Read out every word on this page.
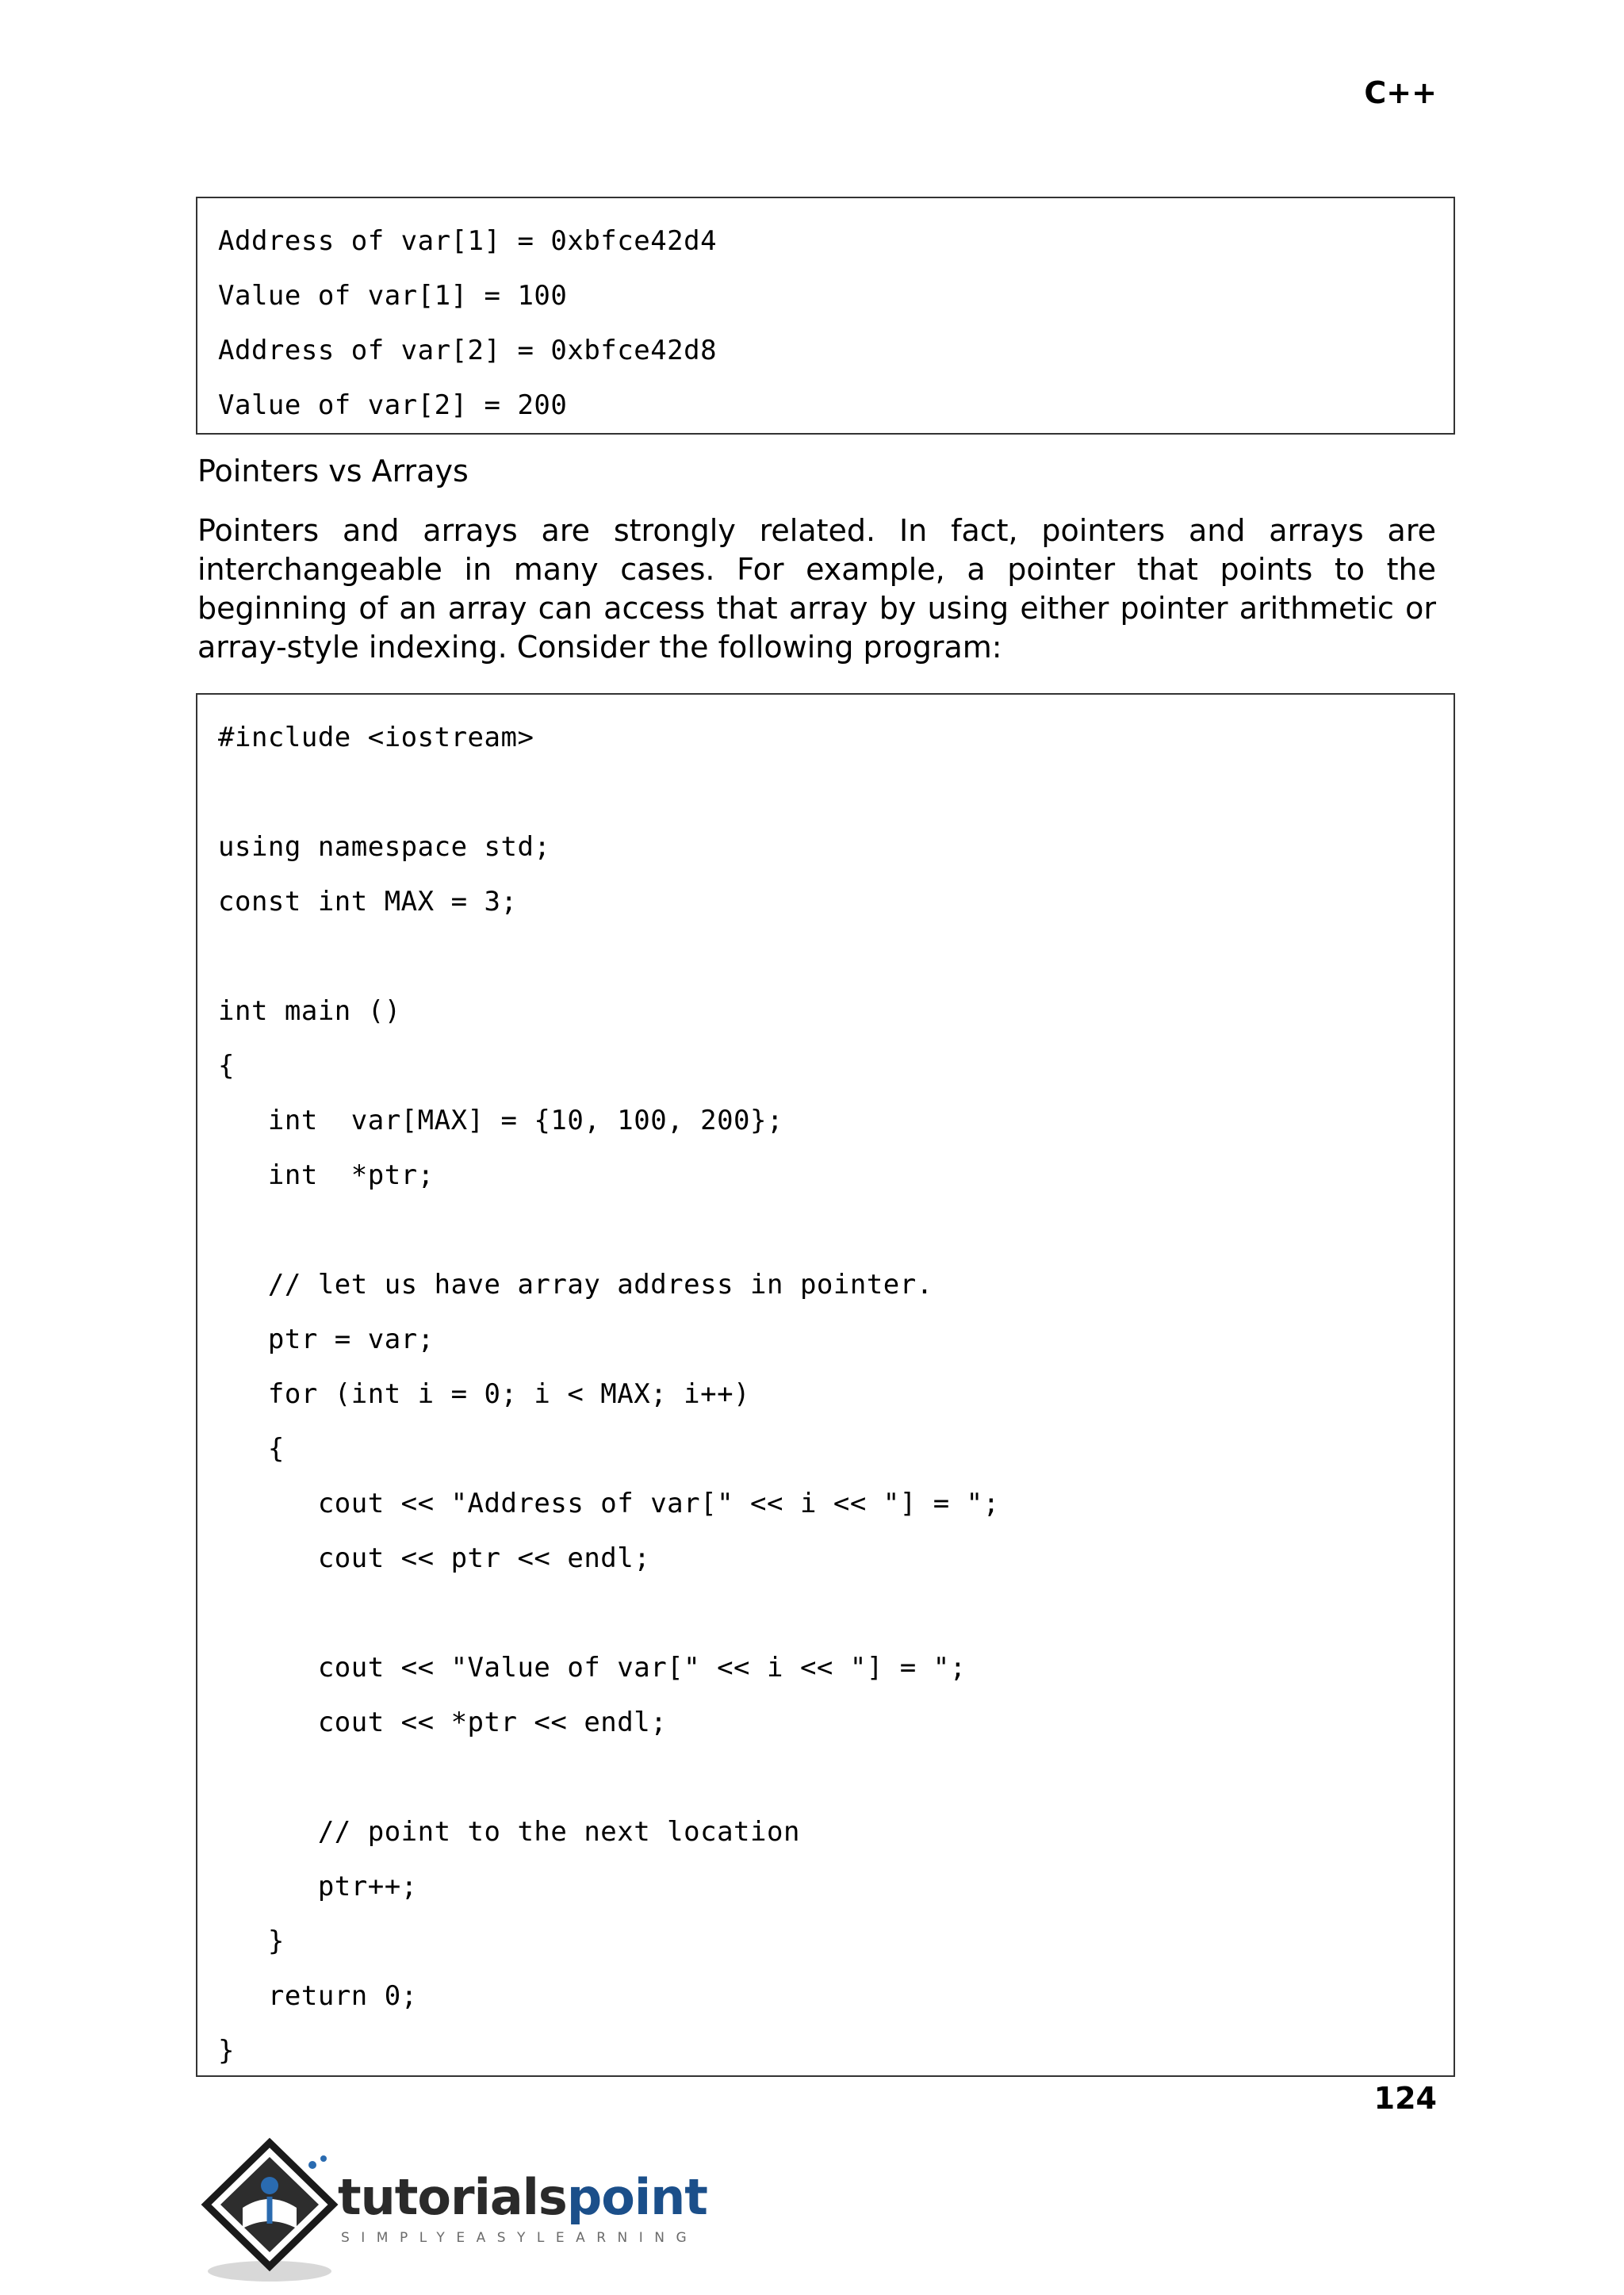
C++
Address of var[1] = 0xbfce42d4
Value of var[1] = 100
Address of var[2] = 0xbfce42d8
Value of var[2] = 200
Pointers vs Arrays
Pointers and arrays are strongly related. In fact, pointers and arrays are interchangeable in many cases. For example, a pointer that points to the beginning of an array can access that array by using either pointer arithmetic or array-style indexing. Consider the following program:
#include <iostream>
using namespace std;
const int MAX = 3;
int main ()
{
int  var[MAX] = {10, 100, 200};
int  *ptr;
// let us have array address in pointer.
ptr = var;
for (int i = 0; i < MAX; i++)
{
cout << "Address of var[" << i << "] = ";
cout << ptr << endl;
cout << "Value of var[" << i << "] = ";
cout << *ptr << endl;
// point to the next location
ptr++;
}
return 0;
}
124
tutorialspoint
SIMPLYEASYLEARNING
